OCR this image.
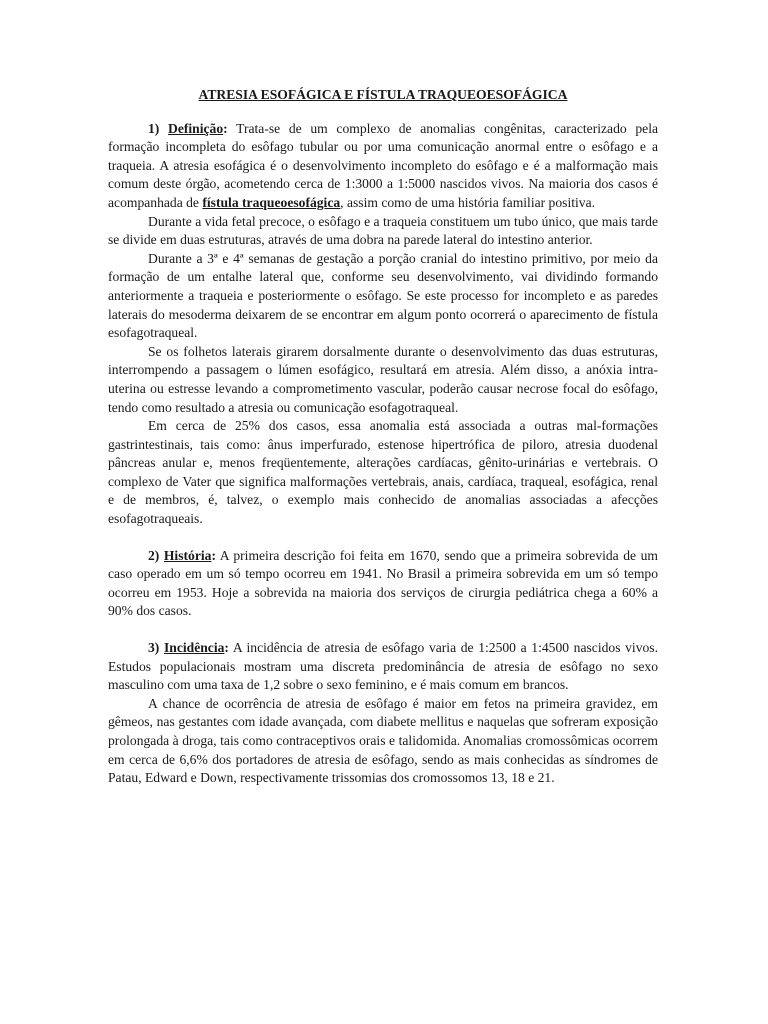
ATRESIA ESOFÁGICA E FÍSTULA TRAQUEOESOFÁGICA

1) Definição: Trata-se de um complexo de anomalias congênitas, caracterizado pela formação incompleta do esôfago tubular ou por uma comunicação anormal entre o esôfago e a traqueia. A atresia esofágica é o desenvolvimento incompleto do esôfago e é a malformação mais comum deste órgão, acometendo cerca de 1:3000 a 1:5000 nascidos vivos. Na maioria dos casos é acompanhada de fístula traqueoesofágica, assim como de uma história familiar positiva.

Durante a vida fetal precoce, o esôfago e a traqueia constituem um tubo único, que mais tarde se divide em duas estruturas, através de uma dobra na parede lateral do intestino anterior.

Durante a 3ª e 4ª semanas de gestação a porção cranial do intestino primitivo, por meio da formação de um entalhe lateral que, conforme seu desenvolvimento, vai dividindo formando anteriormente a traqueia e posteriormente o esôfago. Se este processo for incompleto e as paredes laterais do mesoderma deixarem de se encontrar em algum ponto ocorrerá o aparecimento de fístula esofagotraqueal.

Se os folhetos laterais girarem dorsalmente durante o desenvolvimento das duas estruturas, interrompendo a passagem o lúmen esofágico, resultará em atresia. Além disso, a anóxia intra-uterina ou estresse levando a comprometimento vascular, poderão causar necrose focal do esôfago, tendo como resultado a atresia ou comunicação esofagotraqueal.

Em cerca de 25% dos casos, essa anomalia está associada a outras mal-formações gastrintestinais, tais como: ânus imperfurado, estenose hipertrófica de piloro, atresia duodenal pâncreas anular e, menos freqüentemente, alterações cardíacas, gênito-urinárias e vertebrais. O complexo de Vater que significa malformações vertebrais, anais, cardíaca, traqueal, esofágica, renal e de membros, é, talvez, o exemplo mais conhecido de anomalias associadas a afecções esofagotraqueais.

2) História: A primeira descrição foi feita em 1670, sendo que a primeira sobrevida de um caso operado em um só tempo ocorreu em 1941. No Brasil a primeira sobrevida em um só tempo ocorreu em 1953. Hoje a sobrevida na maioria dos serviços de cirurgia pediátrica chega a 60% a 90% dos casos.

3) Incidência: A incidência de atresia de esôfago varia de 1:2500 a 1:4500 nascidos vivos. Estudos populacionais mostram uma discreta predominância de atresia de esôfago no sexo masculino com uma taxa de 1,2 sobre o sexo feminino, e é mais comum em brancos.

A chance de ocorrência de atresia de esôfago é maior em fetos na primeira gravidez, em gêmeos, nas gestantes com idade avançada, com diabete mellitus e naquelas que sofreram exposição prolongada à droga, tais como contraceptivos orais e talidomida. Anomalias cromossômicas ocorrem em cerca de 6,6% dos portadores de atresia de esôfago, sendo as mais conhecidas as síndromes de Patau, Edward e Down, respectivamente trissomias dos cromossomos 13, 18 e 21.
